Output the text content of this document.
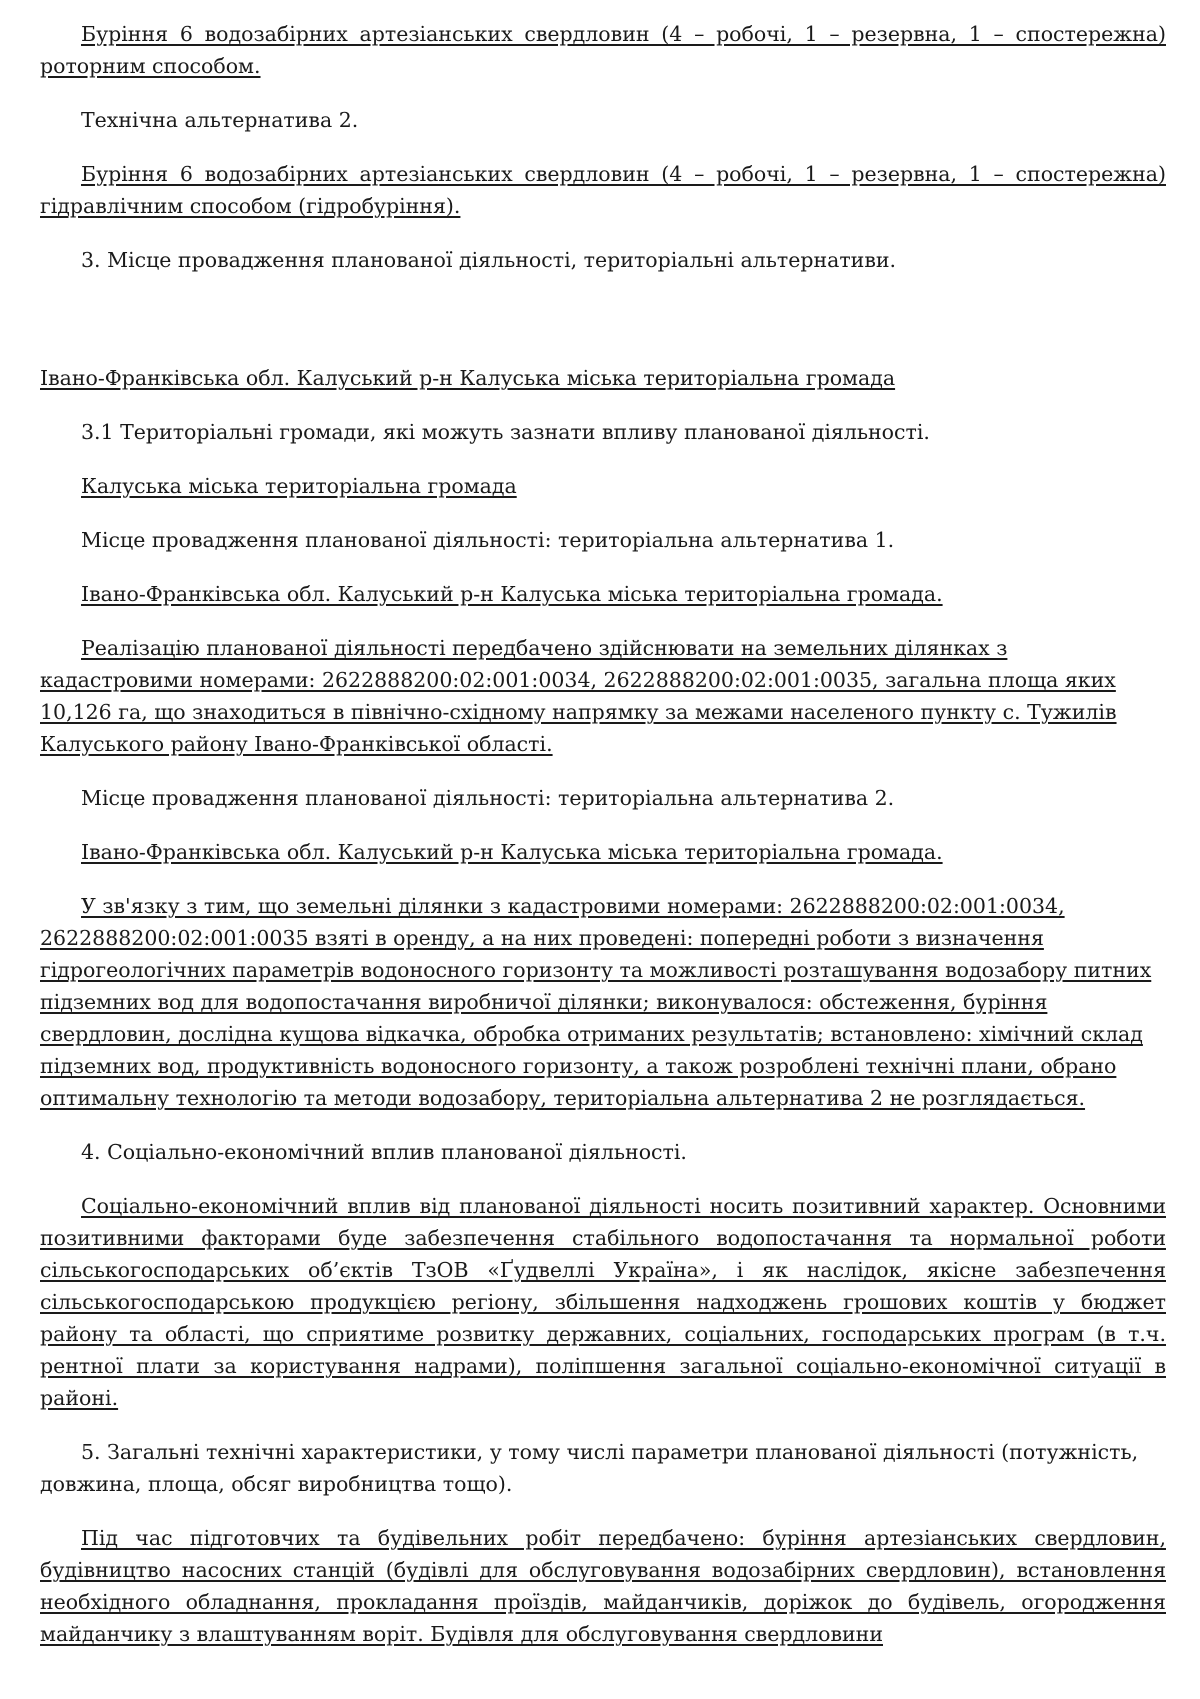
Буріння 6 водозабірних артезіанських свердловин (4 – робочі, 1 – резервна, 1 – спостережна) роторним способом.

Технічна альтернатива 2.

Буріння 6 водозабірних артезіанських свердловин (4 – робочі, 1 – резервна, 1 – спостережна) гідравлічним способом (гідробуріння).

3. Місце провадження планованої діяльності, територіальні альтернативи.

Івано-Франківська обл. Калуський р-н Калуська міська територіальна громада

3.1 Територіальні громади, які можуть зазнати впливу планованої діяльності.

Калуська міська територіальна громада

Місце провадження планованої діяльності: територіальна альтернатива 1.

Івано-Франківська обл. Калуський р-н Калуська міська територіальна громада.

Реалізацію планованої діяльності передбачено здійснювати на земельних ділянках з кадастровими номерами: 2622888200:02:001:0034, 2622888200:02:001:0035, загальна площа яких 10,126 га, що знаходиться в північно-східному напрямку за межами населеного пункту с. Тужилів Калуського району Івано-Франківської області.

Місце провадження планованої діяльності: територіальна альтернатива 2.

Івано-Франківська обл. Калуський р-н Калуська міська територіальна громада.

У зв'язку з тим, що земельні ділянки з кадастровими номерами: 2622888200:02:001:0034, 2622888200:02:001:0035 взяті в оренду, а на них проведені: попередні роботи з визначення гідрогеологічних параметрів водоносного горизонту та можливості розташування водозабору питних підземних вод для водопостачання виробничої ділянки; виконувалося: обстеження, буріння свердловин, дослідна кущова відкачка, обробка отриманих результатів; встановлено: хімічний склад підземних вод, продуктивність водоносного горизонту, а також розроблені технічні плани, обрано оптимальну технологію та методи водозабору, територіальна альтернатива 2 не розглядається.

4. Соціально-економічний вплив планованої діяльності.

Соціально-економічний вплив від планованої діяльності носить позитивний характер. Основними позитивними факторами буде забезпечення стабільного водопостачання та нормальної роботи сільськогосподарських об’єктів ТзОВ «Ґудвеллі Україна», і як наслідок, якісне забезпечення сільськогосподарською продукцією регіону, збільшення надходжень грошових коштів у бюджет району та області, що сприятиме розвитку державних, соціальних, господарських програм (в т.ч. рентної плати за користування надрами), поліпшення загальної соціально-економічної ситуації в районі.

5. Загальні технічні характеристики, у тому числі параметри планованої діяльності (потужність, довжина, площа, обсяг виробництва тощо).

Під час підготовчих та будівельних робіт передбачено: буріння артезіанських свердловин, будівництво насосних станцій (будівлі для обслуговування водозабірних свердловин), встановлення необхідного обладнання, прокладання проїздів, майданчиків, доріжок до будівель, огородження майданчику з влаштуванням воріт. Будівля для обслуговування свердловини
